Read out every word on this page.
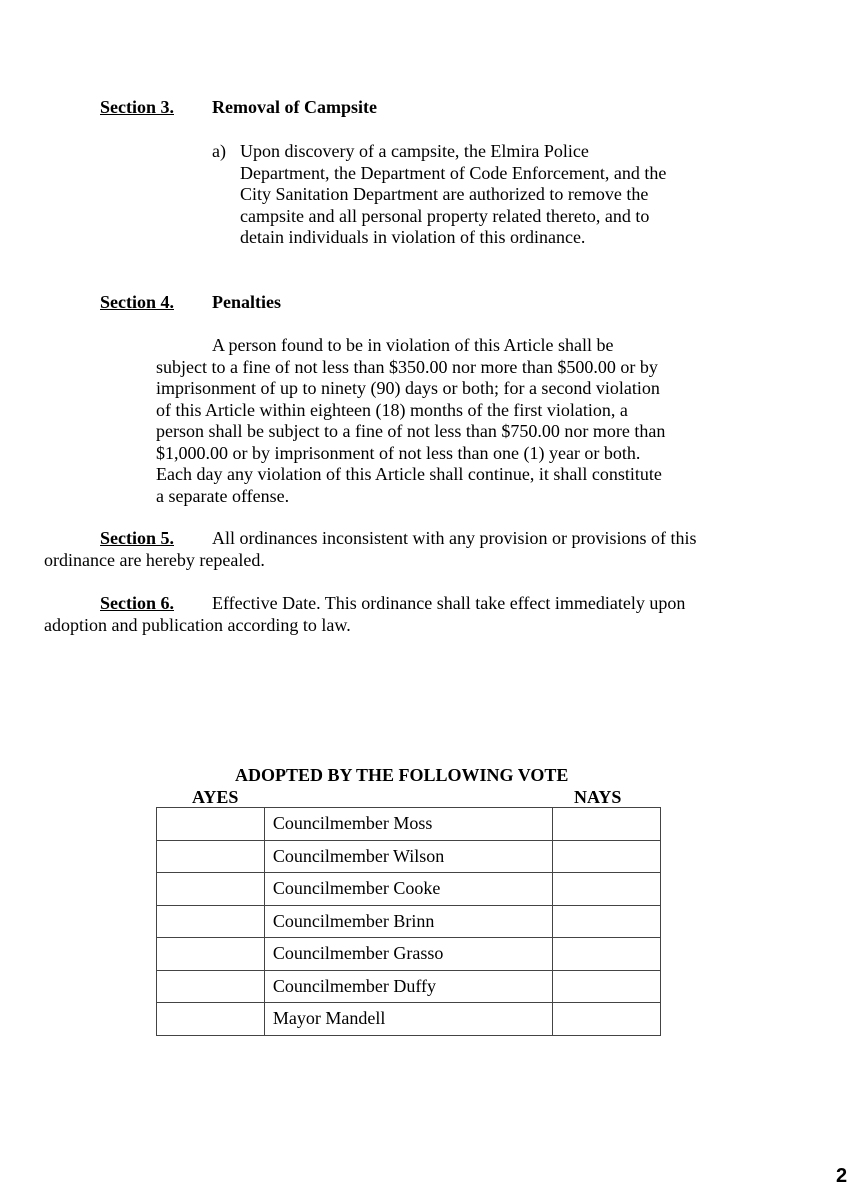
Section 3. Removal of Campsite
a) Upon discovery of a campsite, the Elmira Police Department, the Department of Code Enforcement, and the City Sanitation Department are authorized to remove the campsite and all personal property related thereto, and to detain individuals in violation of this ordinance.
Section 4. Penalties
A person found to be in violation of this Article shall be subject to a fine of not less than $350.00 nor more than $500.00 or by imprisonment of up to ninety (90) days or both; for a second violation of this Article within eighteen (18) months of the first violation, a person shall be subject to a fine of not less than $750.00 nor more than $1,000.00 or by imprisonment of not less than one (1) year or both. Each day any violation of this Article shall continue, it shall constitute a separate offense.
Section 5.	All ordinances inconsistent with any provision or provisions of this ordinance are hereby repealed.
Section 6.	Effective Date. This ordinance shall take effect immediately upon adoption and publication according to law.
ADOPTED BY THE FOLLOWING VOTE
AYES	NAYS
	Councilmember Moss	
	Councilmember Wilson	
	Councilmember Cooke	
	Councilmember Brinn	
	Councilmember Grasso	
	Councilmember Duffy	
	Mayor Mandell	
2
